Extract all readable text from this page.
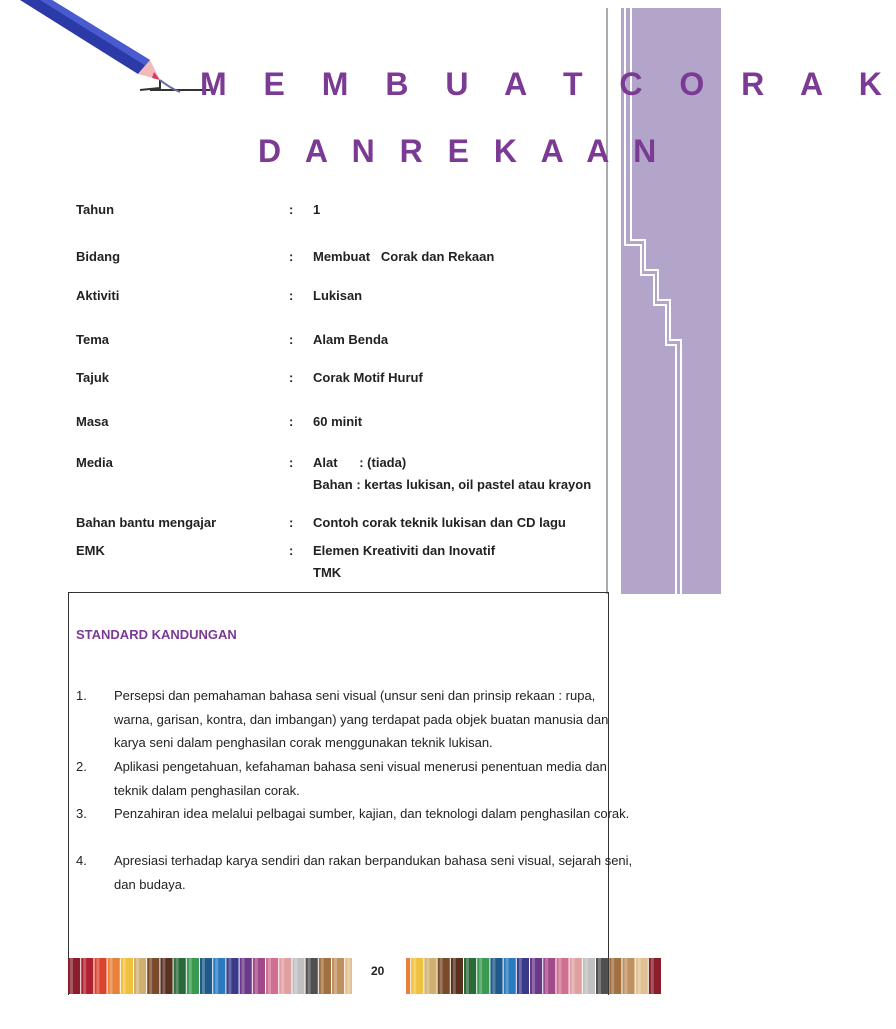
M E M B U A T C O R A K
D A N R E K A A N
Tahun	: 1
Bidang	: Membuat   Corak dan Rekaan
Aktiviti	: Lukisan
Tema	: Alam Benda
Tajuk	: Corak Motif Huruf
Masa	: 60 minit
Media	: Alat      : (tiada)
Bahan : kertas lukisan, oil pastel atau krayon
Bahan bantu mengajar	: Contoh corak teknik lukisan dan CD lagu
EMK	: Elemen Kreativiti dan Inovatif
TMK
STANDARD KANDUNGAN
1. Persepsi dan pemahaman bahasa seni visual (unsur seni dan prinsip rekaan : rupa, warna, garisan, kontra, dan imbangan) yang terdapat pada objek buatan manusia dan karya seni dalam penghasilan corak menggunakan teknik lukisan.
2. Aplikasi pengetahuan, kefahaman bahasa seni visual menerusi penentuan media dan teknik dalam penghasilan corak.
3. Penzahiran idea melalui pelbagai sumber, kajian, dan teknologi dalam penghasilan corak.
4. Apresiasi terhadap karya sendiri dan rakan berpandukan bahasa seni visual, sejarah seni, dan budaya.
20
